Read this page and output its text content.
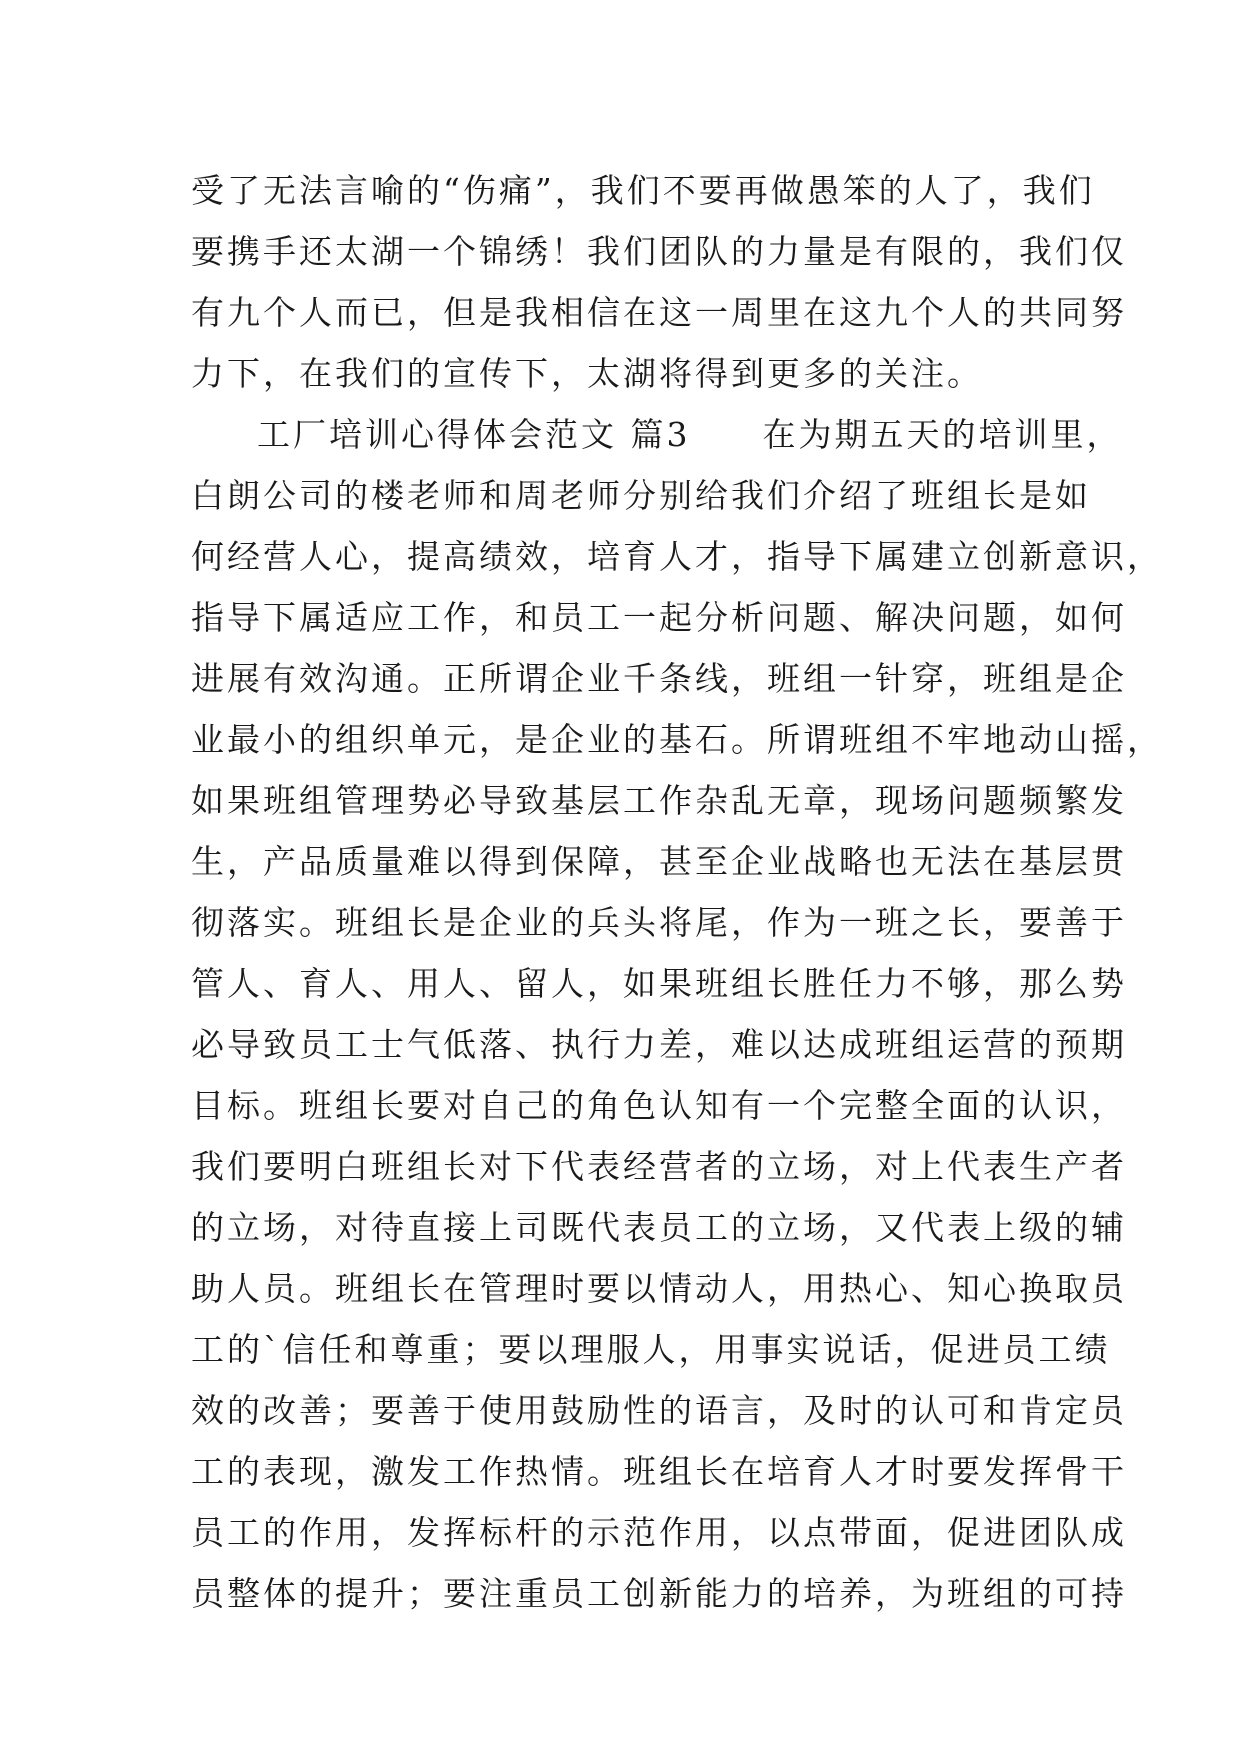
受了无法言喻的“伤痛”，我们不要再做愚笨的人了，我们
要携手还太湖一个锦绣！我们团队的力量是有限的，我们仅
有九个人而已，但是我相信在这一周里在这九个人的共同努
力下，在我们的宣传下，太湖将得到更多的关注。
工厂培训心得体会范文 篇3　　在为期五天的培训里，
白朗公司的楼老师和周老师分别给我们介绍了班组长是如
何经营人心，提高绩效，培育人才，指导下属建立创新意识，
指导下属适应工作，和员工一起分析问题、解决问题，如何
进展有效沟通。正所谓企业千条线，班组一针穿，班组是企
业最小的组织单元，是企业的基石。所谓班组不牢地动山摇，
如果班组管理势必导致基层工作杂乱无章，现场问题频繁发
生，产品质量难以得到保障，甚至企业战略也无法在基层贯
彻落实。班组长是企业的兵头将尾，作为一班之长，要善于
管人、育人、用人、留人，如果班组长胜任力不够，那么势
必导致员工士气低落、执行力差，难以达成班组运营的预期
目标。班组长要对自己的角色认知有一个完整全面的认识，
我们要明白班组长对下代表经营者的立场，对上代表生产者
的立场，对待直接上司既代表员工的立场，又代表上级的辅
助人员。班组长在管理时要以情动人，用热心、知心换取员
工的`信任和尊重；要以理服人，用事实说话，促进员工绩
效的改善；要善于使用鼓励性的语言，及时的认可和肯定员
工的表现，激发工作热情。班组长在培育人才时要发挥骨干
员工的作用，发挥标杆的示范作用，以点带面，促进团队成
员整体的提升；要注重员工创新能力的培养，为班组的可持
